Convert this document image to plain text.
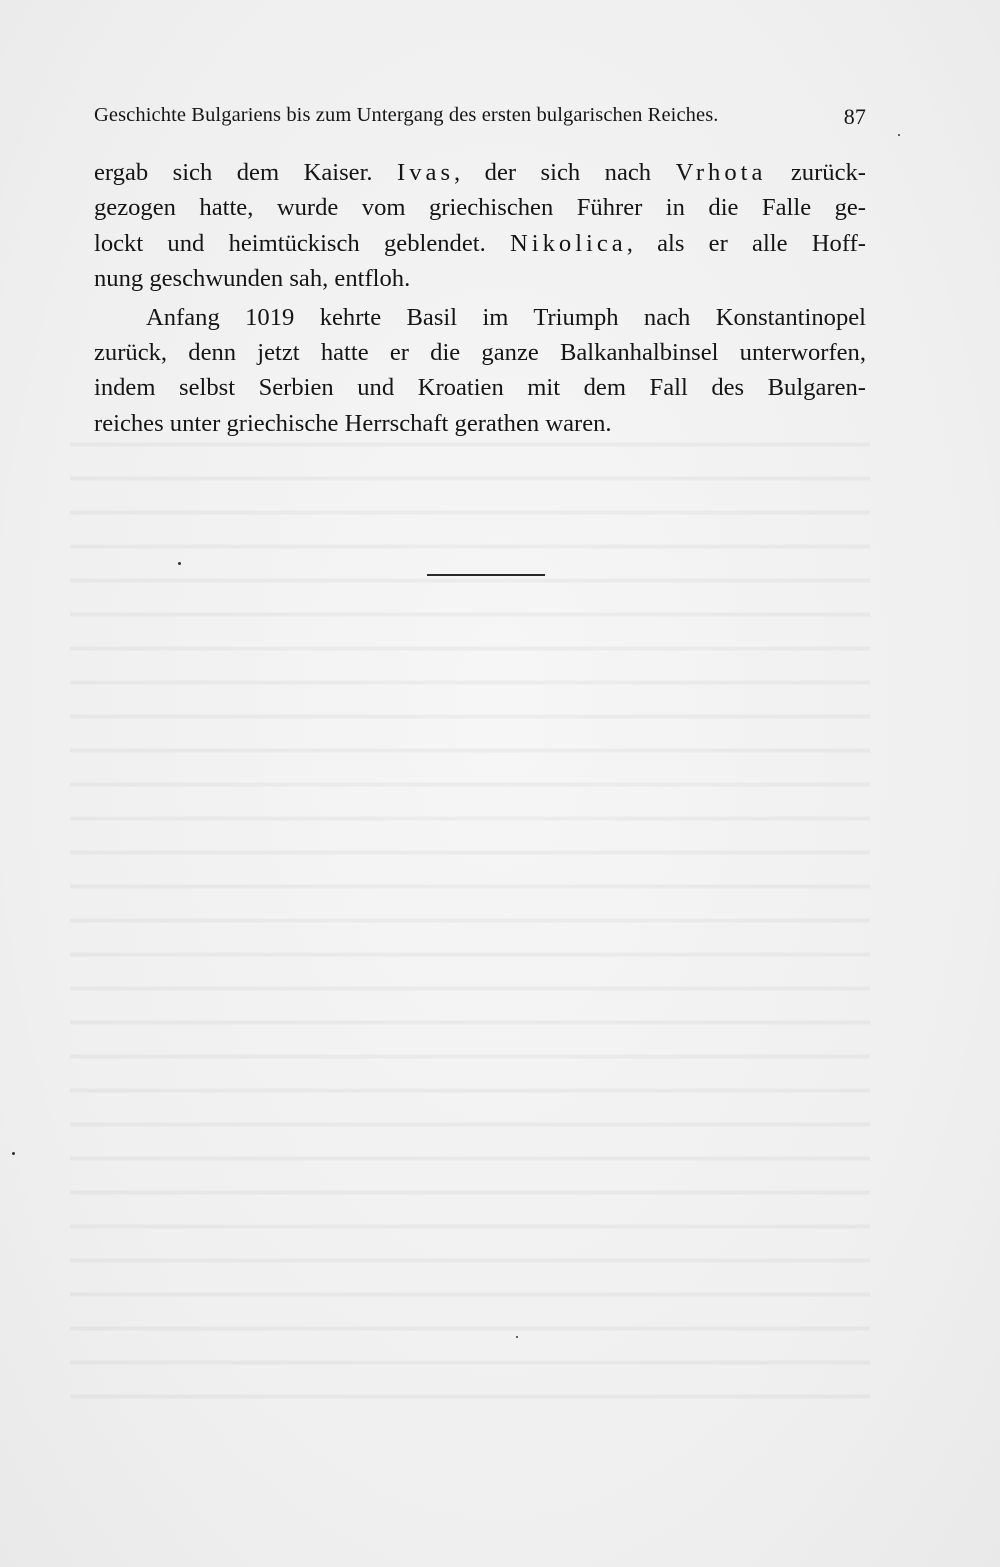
Geschichte Bulgariens bis zum Untergang des ersten bulgarischen Reiches.	87
ergab sich dem Kaiser. Ivas, der sich nach Vrhota zurück-
gezogen hatte, wurde vom griechischen Führer in die Falle ge-
lockt und heimtückisch geblendet. Nikolica, als er alle Hoff-
nung geschwunden sah, entfloh.
Anfang 1019 kehrte Basil im Triumph nach Konstantinopel
zurück, denn jetzt hatte er die ganze Balkanhalbinsel unterworfen,
indem selbst Serbien und Kroatien mit dem Fall des Bulgaren-
reiches unter griechische Herrschaft gerathen waren.
